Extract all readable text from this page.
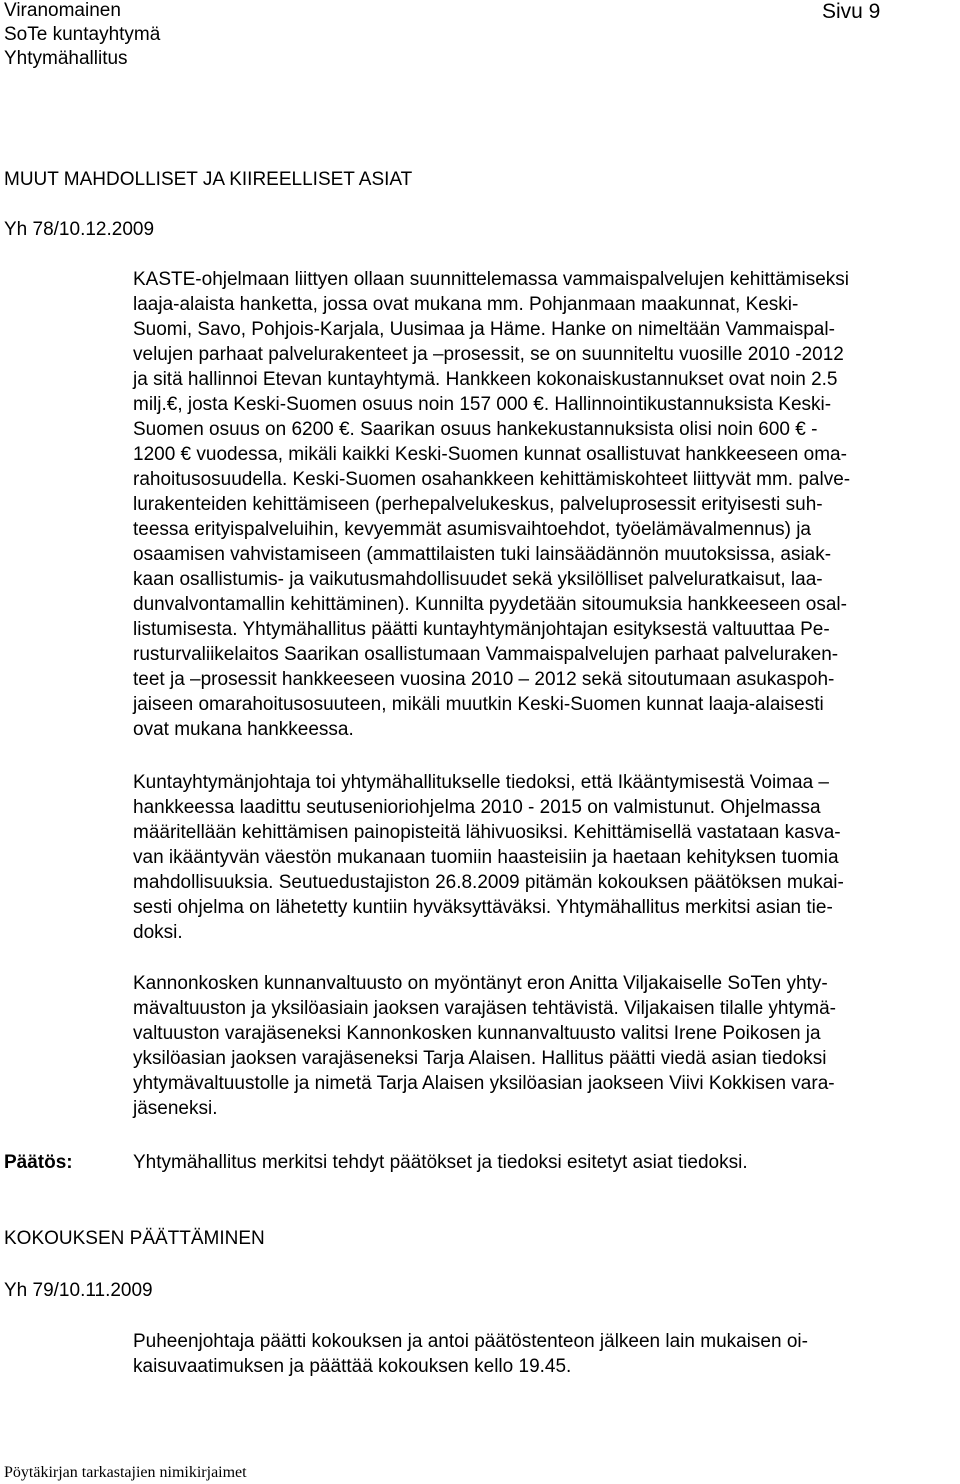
Viranomainen
SoTe kuntayhtymä
Yhtymähallitus
Sivu 9
MUUT MAHDOLLISET JA KIIREELLISET ASIAT
Yh 78/10.12.2009
KASTE-ohjelmaan liittyen ollaan suunnittelemassa vammaispalvelujen kehittämiseksi
laaja-alaista hanketta, jossa ovat mukana mm. Pohjanmaan maakunnat, Keski-
Suomi, Savo, Pohjois-Karjala, Uusimaa ja Häme. Hanke on nimeltään Vammaispal-
velujen parhaat palvelurakenteet ja –prosessit, se on suunniteltu vuosille 2010 -2012
ja sitä hallinnoi Etevan kuntayhtymä. Hankkeen kokonaiskustannukset ovat noin 2.5
milj.€, josta Keski-Suomen osuus noin 157 000 €. Hallinnointikustannuksista Keski-
Suomen osuus on 6200 €. Saarikan osuus hankekustannuksista olisi noin 600 € -
1200 € vuodessa, mikäli kaikki Keski-Suomen kunnat osallistuvat hankkeeseen oma-
rahoitusosuudella. Keski-Suomen osahankkeen kehittämiskohteet liittyvät mm. palve-
lurakenteiden kehittämiseen (perhepalvelukeskus, palveluprosessit erityisesti suh-
teessa erityispalveluihin, kevyemmät asumisvaihtoehdot, työelämävalmennus) ja
osaamisen vahvistamiseen (ammattilaisten tuki lainsäädännön muutoksissa, asiak-
kaan osallistumis- ja vaikutusmahdollisuudet sekä yksilölliset palveluratkaisut, laa-
dunvalvontamallin kehittäminen). Kunnilta pyydetään sitoumuksia hankkeeseen osal-
listumisesta. Yhtymähallitus päätti kuntayhtymänjohtajan esityksestä valtuuttaa Pe-
rusturvaliikelaitos Saarikan osallistumaan Vammaispalvelujen parhaat palveluraken-
teet ja –prosessit hankkeeseen vuosina 2010 – 2012 sekä sitoutumaan asukaspoh-
jaiseen omarahoitusosuuteen, mikäli muutkin Keski-Suomen kunnat laaja-alaisesti
ovat mukana hankkeessa.
Kuntayhtymänjohtaja toi yhtymähallitukselle tiedoksi, että Ikääntymisestä Voimaa –
hankkeessa laadittu seutusenioriohjelma 2010 - 2015 on valmistunut. Ohjelmassa
määritellään kehittämisen painopisteitä lähivuosiksi. Kehittämisellä vastataan kasva-
van ikääntyvän väestön mukanaan tuomiin haasteisiin ja haetaan kehityksen tuomia
mahdollisuuksia. Seutuedustajiston 26.8.2009 pitämän kokouksen päätöksen mukai-
sesti ohjelma on lähetetty kuntiin hyväksyttäväksi. Yhtymähallitus merkitsi asian tie-
doksi.
Kannonkosken kunnanvaltuusto on myöntänyt eron Anitta Viljakaiselle SoTen yhty-
mävaltuuston ja yksilöasiain jaoksen varajäsen tehtävistä. Viljakaisen tilalle yhtymä-
valtuuston varajäseneksi Kannonkosken kunnanvaltuusto valitsi Irene Poikosen ja
yksilöasian jaoksen varajäseneksi Tarja Alaisen. Hallitus päätti viedä asian tiedoksi
yhtymävaltuustolle ja nimetä Tarja Alaisen yksilöasian jaokseen Viivi Kokkisen vara-
jäseneksi.
Päätös:	Yhtymähallitus merkitsi tehdyt päätökset ja tiedoksi esitetyt asiat tiedoksi.
KOKOUKSEN PÄÄTTÄMINEN
Yh 79/10.11.2009
Puheenjohtaja päätti kokouksen ja antoi päätöstenteon jälkeen lain mukaisen oi-
kaisuvaatimuksen ja päättää kokouksen kello 19.45.
Pöytäkirjan tarkastajien nimikirjaimet
